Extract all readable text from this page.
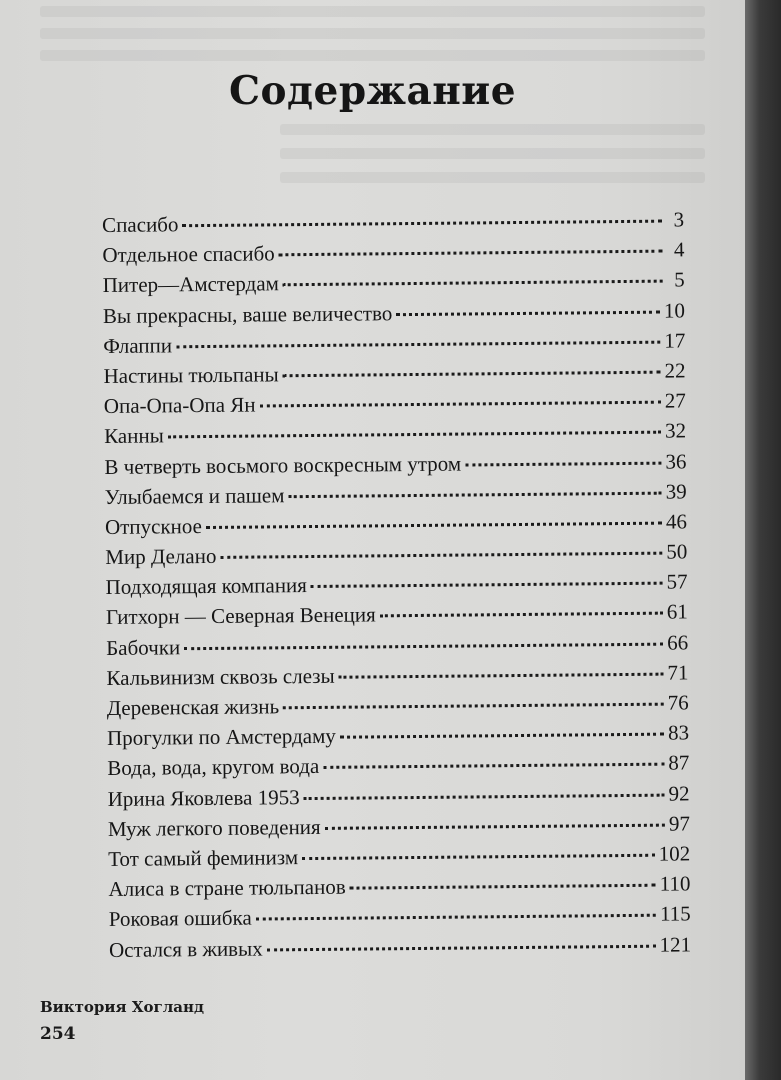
Содержание
Спасибо	3
Отдельное спасибо	4
Питер—Амстердам	5
Вы прекрасны, ваше величество	10
Флаппи	17
Настины тюльпаны	22
Опа-Опа-Опа Ян	27
Канны	32
В четверть восьмого воскресным утром	36
Улыбаемся и пашем	39
Отпускное	46
Мир Делано	50
Подходящая компания	57
Гитхорн — Северная Венеция	61
Бабочки	66
Кальвинизм сквозь слезы	71
Деревенская жизнь	76
Прогулки по Амстердаму	83
Вода, вода, кругом вода	87
Ирина Яковлева 1953	92
Муж легкого поведения	97
Тот самый феминизм	102
Алиса в стране тюльпанов	110
Роковая ошибка	115
Остался в живых	121
Виктория Хогланд
254
